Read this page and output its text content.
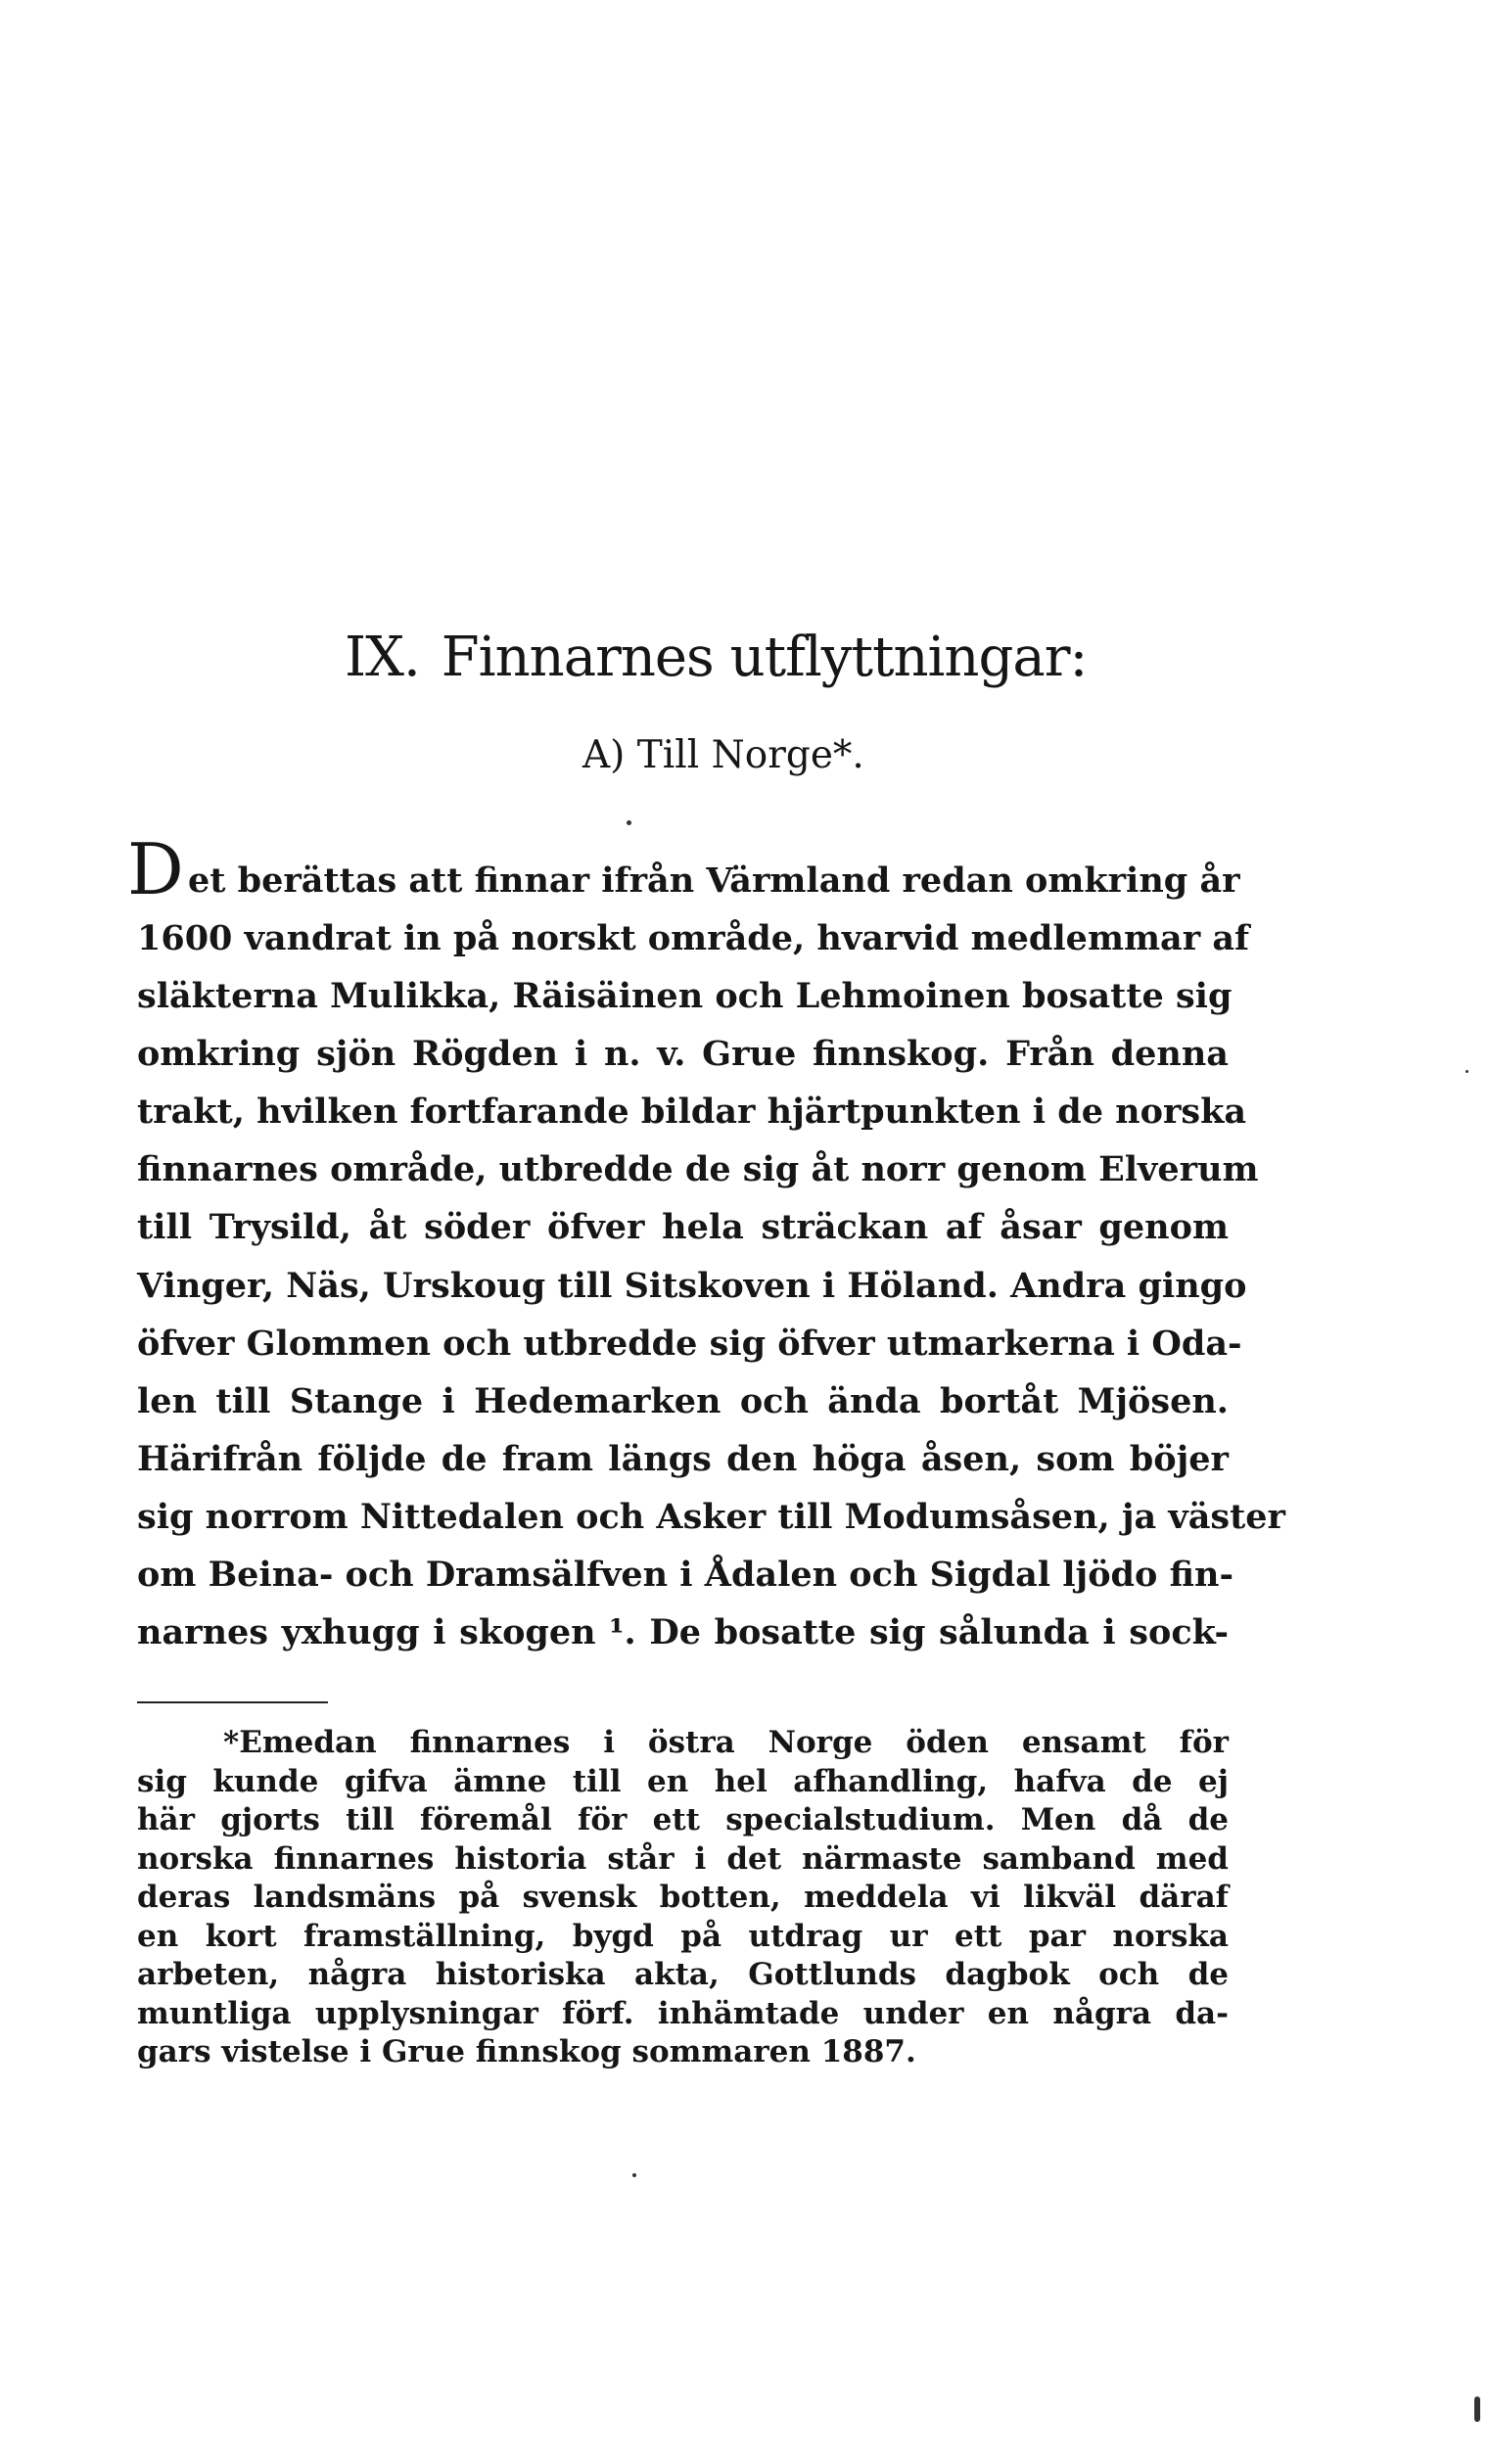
IX. Finnarnes utflyttningar:
A) Till Norge*.
D et berättas att finnar ifrån Värmland redan omkring år
1600 vandrat in på norskt område, hvarvid medlemmar af
släkterna Mulikka, Räisäinen och Lehmoinen bosatte sig
omkring sjön Rögden i n. v. Grue finnskog. Från denna
trakt, hvilken fortfarande bildar hjärtpunkten i de norska
finnarnes område, utbredde de sig åt norr genom Elverum
till Trysild, åt söder öfver hela sträckan af åsar genom
Vinger, Näs, Urskoug till Sitskoven i Höland. Andra gingo
öfver Glommen och utbredde sig öfver utmarkerna i Oda-
len till Stange i Hedemarken och ända bortåt Mjösen.
Härifrån följde de fram längs den höga åsen, som böjer
sig norrom Nittedalen och Asker till Modumsåsen, ja väster
om Beina- och Dramsälfven i Ådalen och Sigdal ljödo fin-
narnes yxhugg i skogen ¹. De bosatte sig sålunda i sock-
*Emedan finnarnes i östra Norge öden ensamt för
sig kunde gifva ämne till en hel afhandling, hafva de ej
här gjorts till föremål för ett specialstudium. Men då de
norska finnarnes historia står i det närmaste samband med
deras landsmäns på svensk botten, meddela vi likväl däraf
en kort framställning, bygd på utdrag ur ett par norska
arbeten, några historiska akta, Gottlunds dagbok och de
muntliga upplysningar förf. inhämtade under en några da-
gars vistelse i Grue finnskog sommaren 1887.
